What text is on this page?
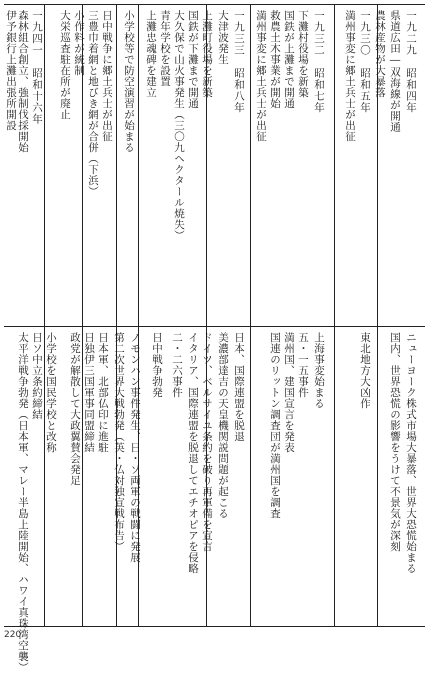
一九二九　昭和四年
県道広田―双海線が開通
農林産物が大暴落
ニューヨーク株式市場大暴落、世界大恐慌始まる
国内、世界恐慌の影響をうけて不景気が深刻
一九三〇　昭和五年
満州事変に郷土兵士が出征
東北地方大凶作
一九三二　昭和七年
下灘村役場を新築
国鉄が上灘まで開通
救農土木事業が開始
満州事変に郷土兵士が出征
上海事変始まる
五・一五事件
満州国、建国宣言を発表
国連のリットン調査団が満州国を調査
一九三三　昭和八年
大津波発生
日本、国際連盟を脱退
上灘町役場を新築
国鉄が下灘まで開通
大久保で山火事発生（三〇九ヘクタール焼失）
青年学校を設置
上灘忠魂碑を建立
美濃部達吉の天皇機関説問題が起こる
ドイツ、ベルサイユ条約を破り再軍備を宣言
イタリア、国際連盟を脱退してエチオピアを侵略
小学校等で防空演習が始まる
二・二六事件
日中戦争に郷土兵士が出征
日中戦争勃発
三豊巾着網と地びき網が合併（下浜）
小作料が統制
ノモンハン事件発生、日・ソ両軍の戦闘に発展
第二次世界大戦勃発（英・仏対独宣戦布告）
大栄巡査駐在所が廃止
日本軍、北部仏印に進駐
日独伊三国軍事同盟締結
政党が解散して大政翼賛会発足
一九四一　昭和十六年
森林組合創立、強制伐採開始
伊予銀行上灘出張所開設
小学校を国民学校と改称
日ソ中立条約締結
太平洋戦争勃発（日本軍、マレー半島上陸開始、ハワイ真珠湾空襲）
220
